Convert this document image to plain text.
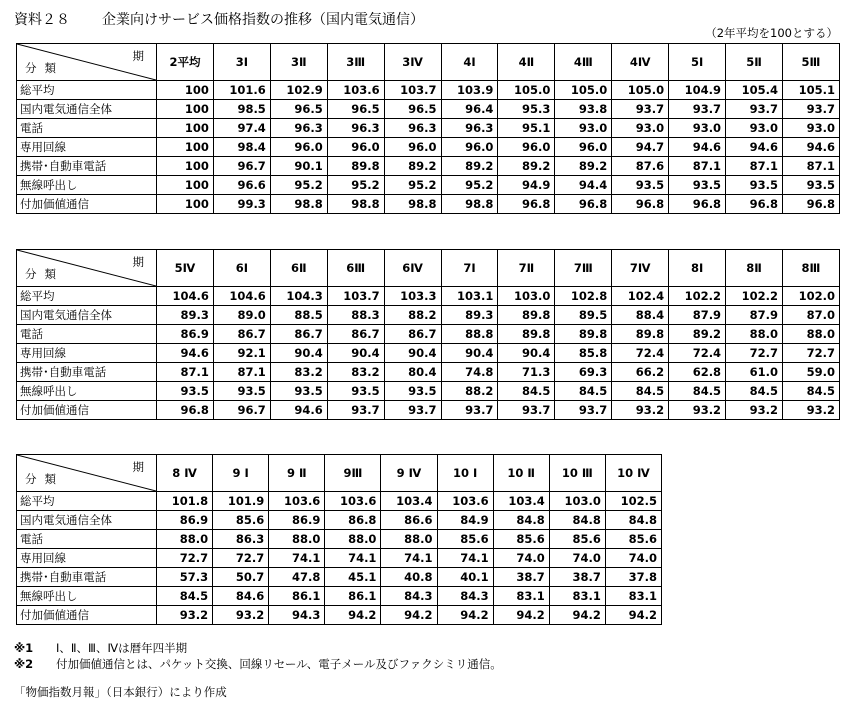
資料２８ 企業向けサービス価格指数の推移（国内電気通信）
（2年平均を100とする）
分類
期	2平均	3Ⅰ	3Ⅱ	3Ⅲ	3Ⅳ	4Ⅰ	4Ⅱ	4Ⅲ	4Ⅳ	5Ⅰ	5Ⅱ	5Ⅲ
総平均	100	101.6	102.9	103.6	103.7	103.9	105.0	105.0	105.0	104.9	105.4	105.1
国内電気通信全体	100	98.5	96.5	96.5	96.5	96.4	95.3	93.8	93.7	93.7	93.7	93.7
電話	100	97.4	96.3	96.3	96.3	96.3	95.1	93.0	93.0	93.0	93.0	93.0
専用回線	100	98.4	96.0	96.0	96.0	96.0	96.0	96.0	94.7	94.6	94.6	94.6
携帯･自動車電話	100	96.7	90.1	89.8	89.2	89.2	89.2	89.2	87.6	87.1	87.1	87.1
無線呼出し	100	96.6	95.2	95.2	95.2	95.2	94.9	94.4	93.5	93.5	93.5	93.5
付加価値通信	100	99.3	98.8	98.8	98.8	98.8	96.8	96.8	96.8	96.8	96.8	96.8
分類
期	5Ⅳ	6Ⅰ	6Ⅱ	6Ⅲ	6Ⅳ	7Ⅰ	7Ⅱ	7Ⅲ	7Ⅳ	8Ⅰ	8Ⅱ	8Ⅲ
総平均	104.6	104.6	104.3	103.7	103.3	103.1	103.0	102.8	102.4	102.2	102.2	102.0
国内電気通信全体	89.3	89.0	88.5	88.3	88.2	89.3	89.8	89.5	88.4	87.9	87.9	87.0
電話	86.9	86.7	86.7	86.7	86.7	88.8	89.8	89.8	89.8	89.2	88.0	88.0
専用回線	94.6	92.1	90.4	90.4	90.4	90.4	90.4	85.8	72.4	72.4	72.7	72.7
携帯･自動車電話	87.1	87.1	83.2	83.2	80.4	74.8	71.3	69.3	66.2	62.8	61.0	59.0
無線呼出し	93.5	93.5	93.5	93.5	93.5	88.2	84.5	84.5	84.5	84.5	84.5	84.5
付加価値通信	96.8	96.7	94.6	93.7	93.7	93.7	93.7	93.7	93.2	93.2	93.2	93.2
分類
期	8 Ⅳ	9 Ⅰ	9 Ⅱ	9Ⅲ	9 Ⅳ	10 Ⅰ	10 Ⅱ	10 Ⅲ	10 Ⅳ
総平均	101.8	101.9	103.6	103.6	103.4	103.6	103.4	103.0	102.5
国内電気通信全体	86.9	85.6	86.9	86.8	86.6	84.9	84.8	84.8	84.8
電話	88.0	86.3	88.0	88.0	88.0	85.6	85.6	85.6	85.6
専用回線	72.7	72.7	74.1	74.1	74.1	74.1	74.0	74.0	74.0
携帯･自動車電話	57.3	50.7	47.8	45.1	40.8	40.1	38.7	38.7	37.8
無線呼出し	84.5	84.6	86.1	86.1	84.3	84.3	83.1	83.1	83.1
付加価値通信	93.2	93.2	94.3	94.2	94.2	94.2	94.2	94.2	94.2
※1	Ⅰ、Ⅱ、Ⅲ、Ⅳは暦年四半期
※2	付加価値通信とは、パケット交換、回線リセール、電子メール及びファクシミリ通信。
「物価指数月報」（日本銀行）により作成
